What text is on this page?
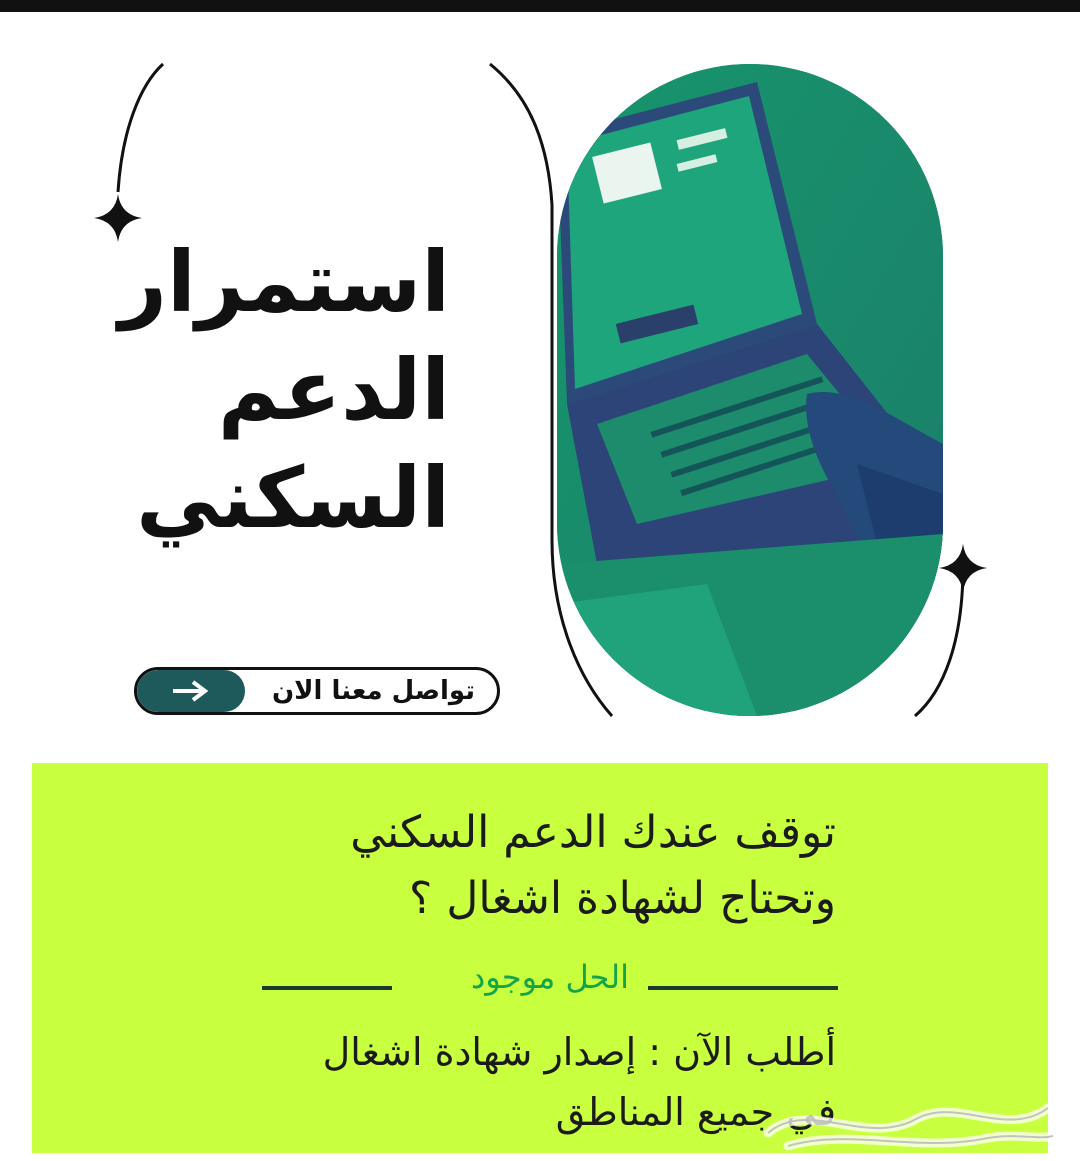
استمرار
الدعم
السكني
تواصل معنا الان
توقف عندك الدعم السكني
وتحتاج لشهادة اشغال ؟
الحل موجود
أطلب الآن : إصدار شهادة اشغال
في جميع المناطق
